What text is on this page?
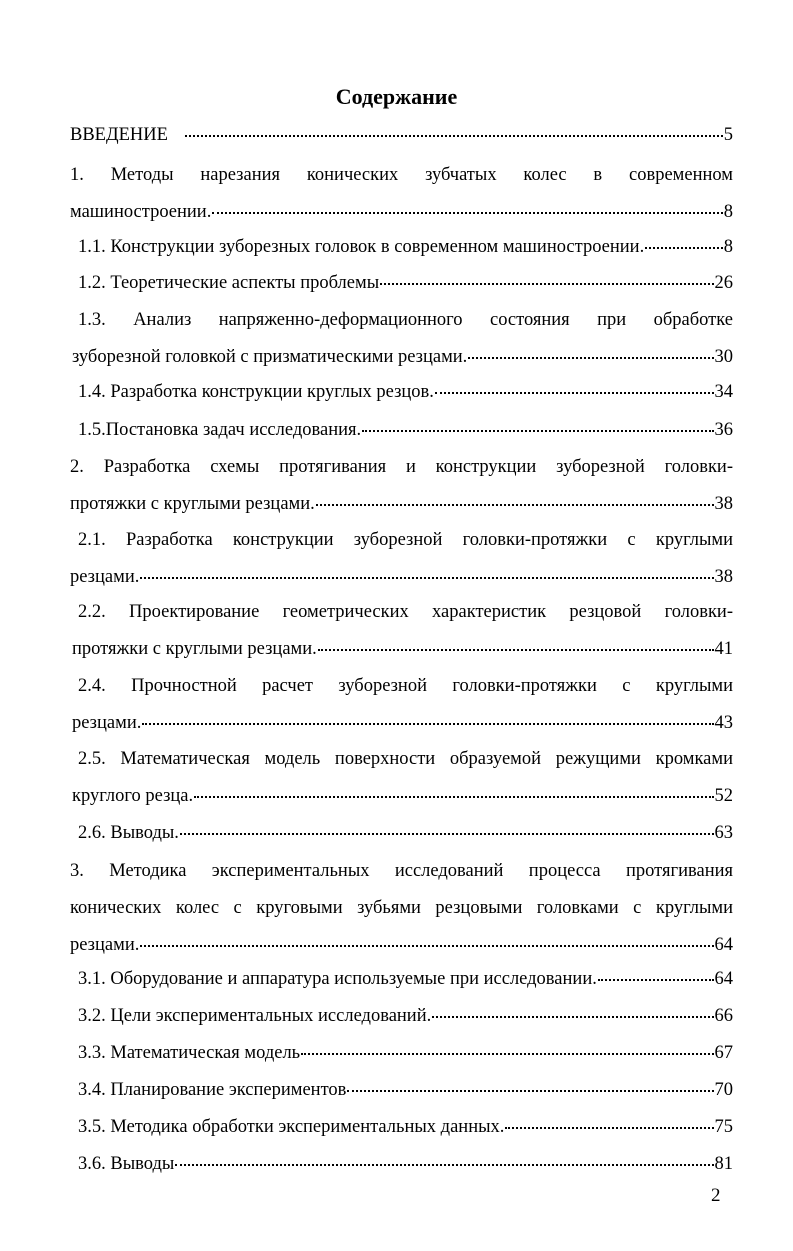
Содержание
ВВЕДЕНИЕ	5
1. Методы нарезания конических зубчатых колес в современном
машиностроении.	8
1.1. Конструкции зуборезных головок в современном машиностроении.	8
1.2. Теоретические аспекты проблемы	26
1.3. Анализ напряженно-деформационного состояния при обработке
зуборезной головкой с призматическими резцами.	30
1.4. Разработка конструкции круглых резцов.	34
1.5.Постановка задач исследования.	36
2. Разработка схемы протягивания и конструкции зуборезной головки-
протяжки с круглыми резцами.	38
2.1. Разработка конструкции зуборезной головки-протяжки с круглыми
резцами.	38
2.2. Проектирование геометрических характеристик резцовой головки-
протяжки с круглыми резцами.	41
2.4. Прочностной расчет зуборезной головки-протяжки с круглыми
резцами.	43
2.5. Математическая модель поверхности образуемой режущими кромками
круглого резца.	52
2.6. Выводы.	63
3. Методика экспериментальных исследований процесса протягивания
конических колес с круговыми зубьями резцовыми головками с круглыми
резцами.	64
3.1. Оборудование и аппаратура используемые при исследовании.	64
3.2. Цели экспериментальных исследований.	66
3.3. Математическая модель	67
3.4. Планирование экспериментов	70
3.5. Методика обработки экспериментальных данных.	75
3.6. Выводы	81
2
